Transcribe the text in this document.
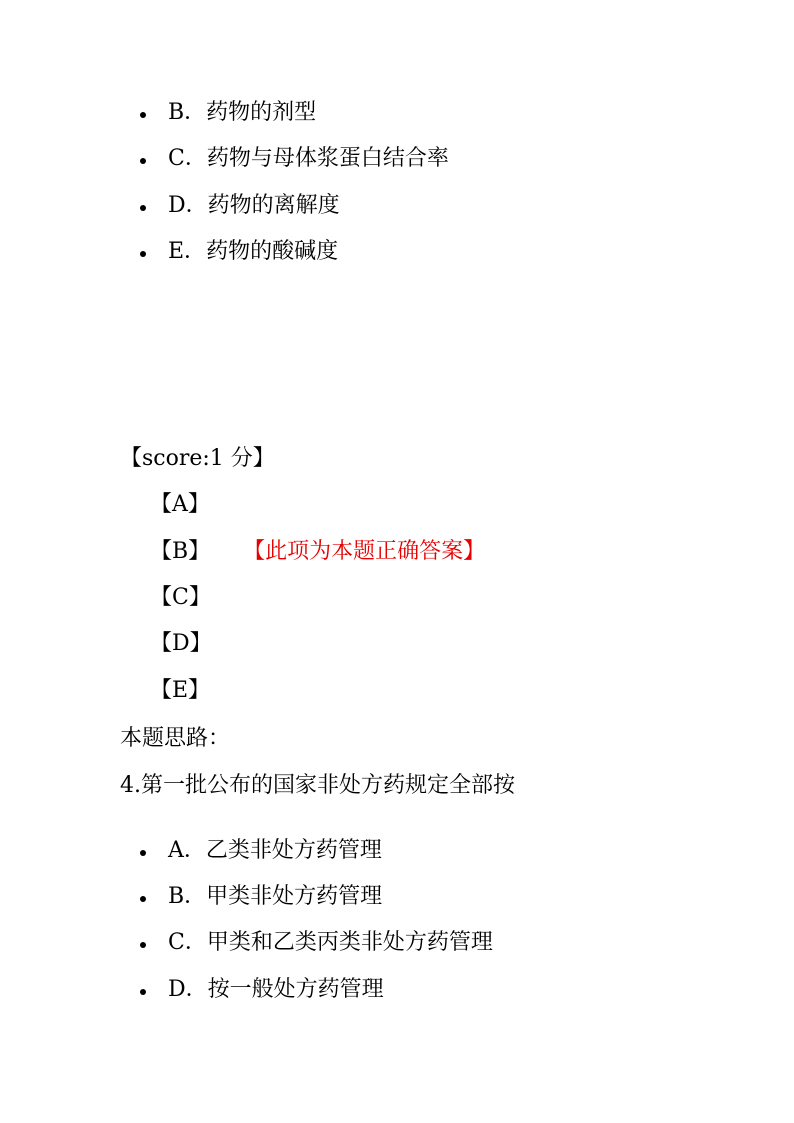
B．药物的剂型
C．药物与母体浆蛋白结合率
D．药物的离解度
E．药物的酸碱度
【score:1 分】
【A】
【B】 【此项为本题正确答案】
【C】
【D】
【E】
本题思路：
4.第一批公布的国家非处方药规定全部按
A．乙类非处方药管理
B．甲类非处方药管理
C．甲类和乙类丙类非处方药管理
D．按一般处方药管理
